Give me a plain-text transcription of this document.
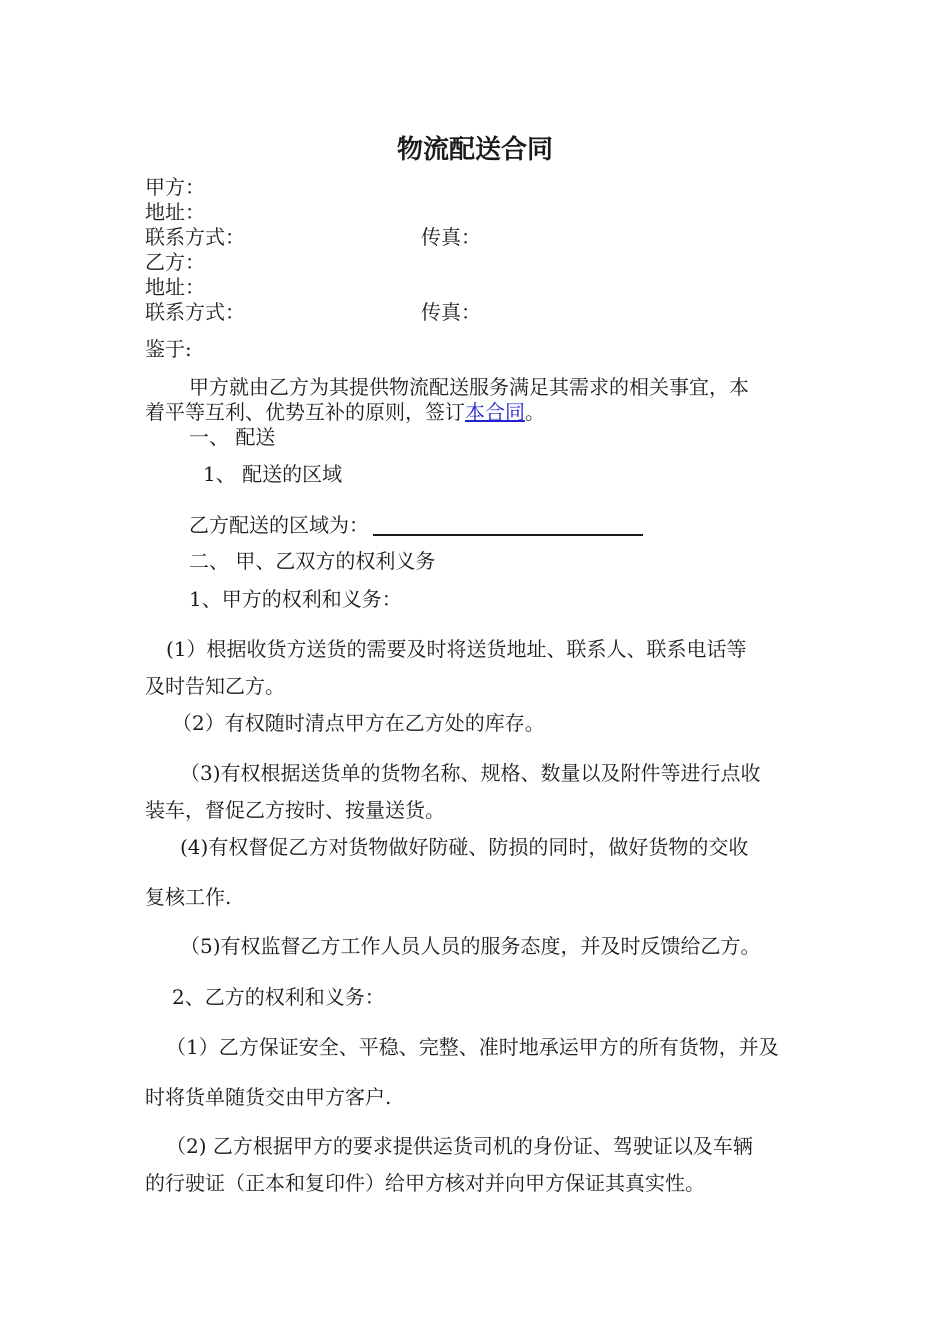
物流配送合同
甲方：
地址：
联系方式：	传真：
乙方：
地址：
联系方式：	传真：
鉴于:
甲方就由乙方为其提供物流配送服务满足其需求的相关事宜，本
着平等互利、优势互补的原则，签订本合同。
一、 配送
1、 配送的区域
乙方配送的区域为：
二、 甲、乙双方的权利义务
1、甲方的权利和义务：
(1）根据收货方送货的需要及时将送货地址、联系人、联系电话等
及时告知乙方。
（2）有权随时清点甲方在乙方处的库存。
（3)有权根据送货单的货物名称、规格、数量以及附件等进行点收
装车，督促乙方按时、按量送货。
(4)有权督促乙方对货物做好防碰、防损的同时，做好货物的交收
复核工作.
（5)有权监督乙方工作人员人员的服务态度，并及时反馈给乙方。
2、乙方的权利和义务：
（1）乙方保证安全、平稳、完整、准时地承运甲方的所有货物，并及
时将货单随货交由甲方客户.
（2) 乙方根据甲方的要求提供运货司机的身份证、驾驶证以及车辆
的行驶证（正本和复印件）给甲方核对并向甲方保证其真实性。
